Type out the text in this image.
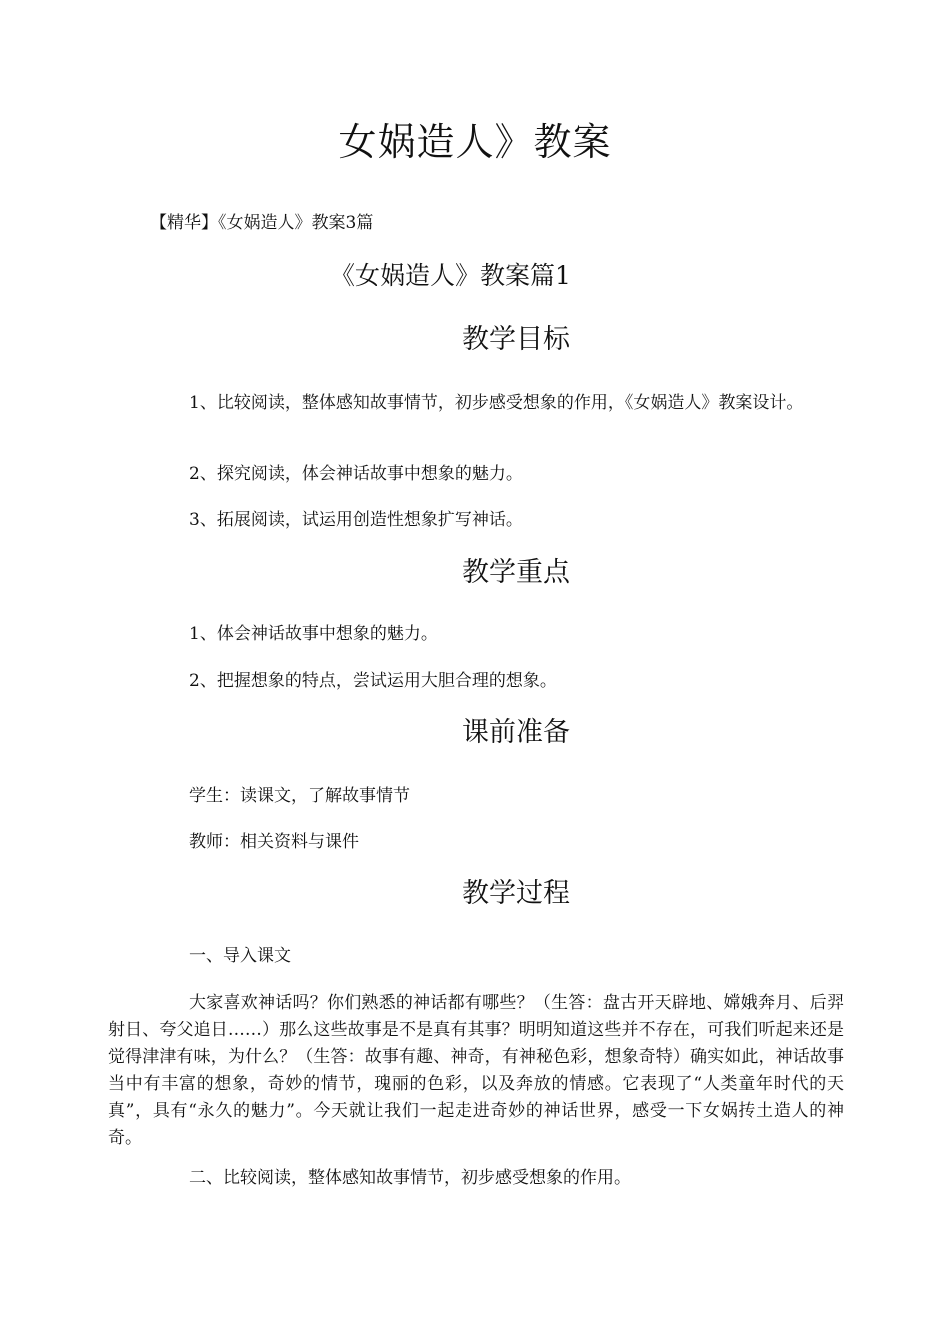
女娲造人》教案
【精华】《女娲造人》教案3篇
《女娲造人》教案篇1
教学目标
1、比较阅读，整体感知故事情节，初步感受想象的作用，《女娲造人》教案设计。
2、探究阅读，体会神话故事中想象的魅力。
3、拓展阅读，试运用创造性想象扩写神话。
教学重点
1、体会神话故事中想象的魅力。
2、把握想象的特点，尝试运用大胆合理的想象。
课前准备
学生：读课文，了解故事情节
教师：相关资料与课件
教学过程
一、导入课文
大家喜欢神话吗？你们熟悉的神话都有哪些？（生答：盘古开天辟地、嫦娥奔月、后羿射日、夸父追日……）那么这些故事是不是真有其事？明明知道这些并不存在，可我们听起来还是觉得津津有味，为什么？（生答：故事有趣、神奇，有神秘色彩，想象奇特）确实如此，神话故事当中有丰富的想象，奇妙的情节，瑰丽的色彩，以及奔放的情感。它表现了“人类童年时代的天真”，具有“永久的魅力”。今天就让我们一起走进奇妙的神话世界，感受一下女娲抟土造人的神奇。
二、比较阅读，整体感知故事情节，初步感受想象的作用。
